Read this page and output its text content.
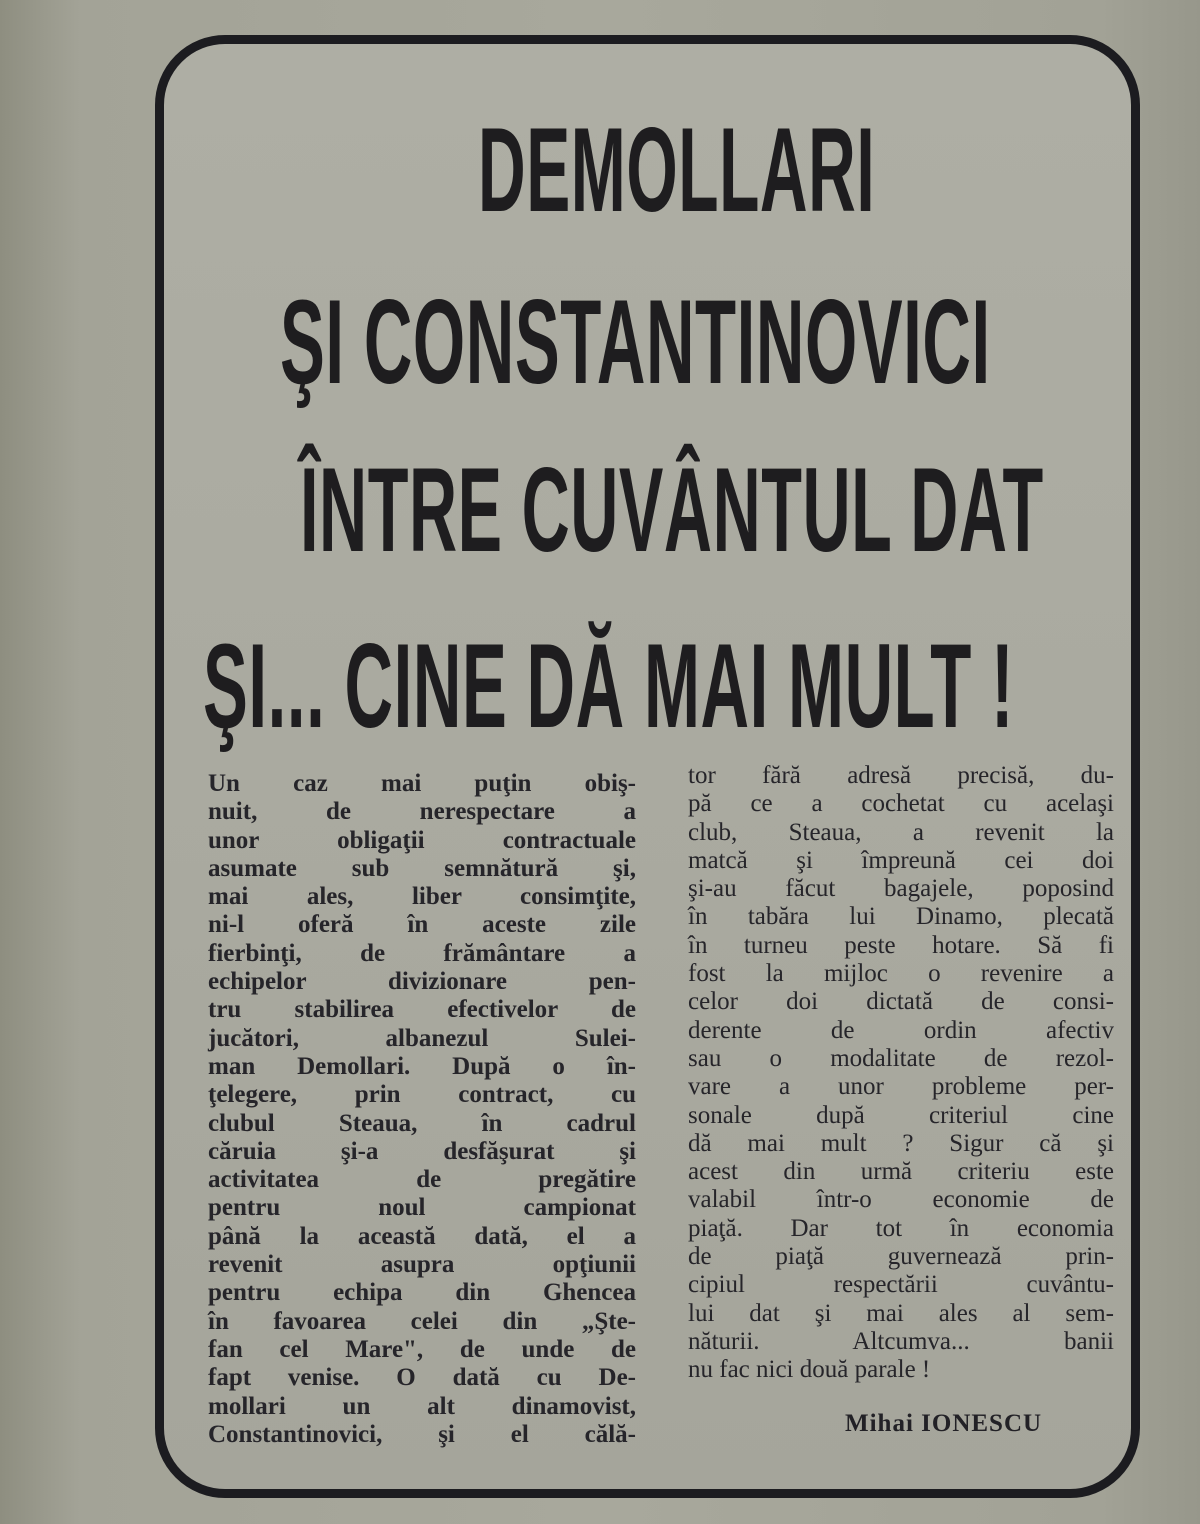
DEMOLLARI
ŞI CONSTANTINOVICI
ÎNTRE CUVÂNTUL DAT
ŞI... CINE DĂ MAI MULT !
Un caz mai puţin obiş-
nuit, de nerespectare a
unor obligaţii contractuale
asumate sub semnătură şi,
mai ales, liber consimţite,
ni-l oferă în aceste zile
fierbinţi, de frământare a
echipelor divizionare pen-
tru stabilirea efectivelor de
jucători, albanezul Sulei-
man Demollari. După o în-
ţelegere, prin contract, cu
clubul Steaua, în cadrul
căruia şi-a desfăşurat şi
activitatea de pregătire
pentru noul campionat
până la această dată, el a
revenit asupra opţiunii
pentru echipa din Ghencea
în favoarea celei din „Şte-
fan cel Mare", de unde de
fapt venise. O dată cu De-
mollari un alt dinamovist,
Constantinovici, şi el călă-
tor fără adresă precisă, du-
pă ce a cochetat cu acelaşi
club, Steaua, a revenit la
matcă şi împreună cei doi
şi-au făcut bagajele, poposind
în tabăra lui Dinamo, plecată
în turneu peste hotare. Să fi
fost la mijloc o revenire a
celor doi dictată de consi-
derente de ordin afectiv
sau o modalitate de rezol-
vare a unor probleme per-
sonale după criteriul cine
dă mai mult ? Sigur că şi
acest din urmă criteriu este
valabil într-o economie de
piaţă. Dar tot în economia
de piaţă guvernează prin-
cipiul respectării cuvântu-
lui dat şi mai ales al sem-
năturii. Altcumva... banii
nu fac nici două parale !
Mihai IONESCU
